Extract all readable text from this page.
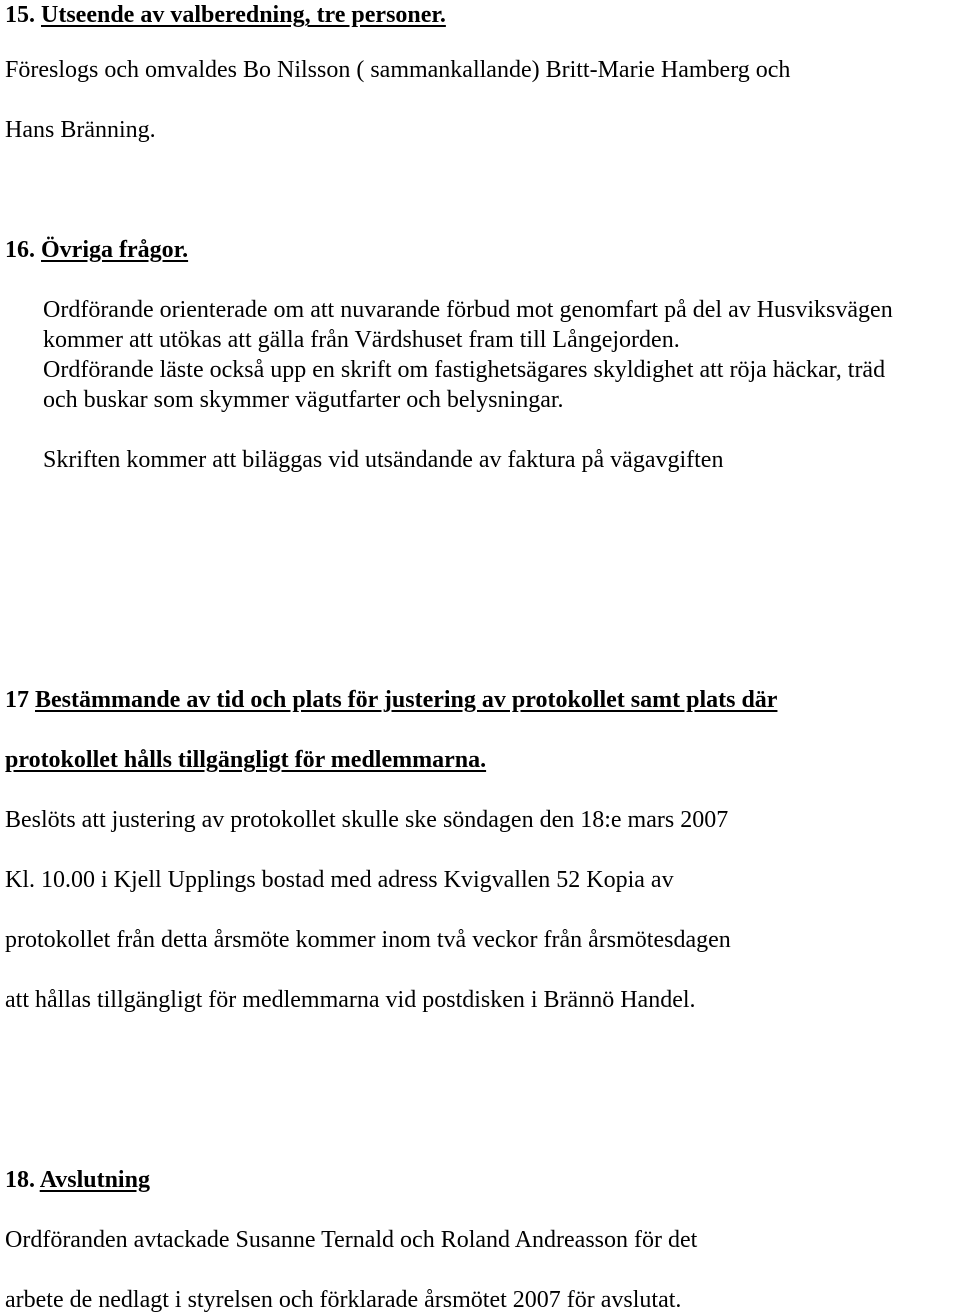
15. Utseende av valberedning, tre personer.
Föreslogs och omvaldes Bo Nilsson ( sammankallande) Britt-Marie Hamberg och
Hans Bränning.
16. Övriga frågor.
Ordförande orienterade om att nuvarande förbud mot genomfart på del av Husviksvägen
kommer att utökas att gälla från Värdshuset fram till Långejorden.
Ordförande läste också upp en skrift om fastighetsägares skyldighet att röja häckar, träd
och buskar som skymmer vägutfarter och belysningar.
Skriften kommer att biläggas vid utsändande av faktura på vägavgiften
17 Bestämmande av tid och plats för justering av protokollet samt plats där
protokollet hålls tillgängligt för medlemmarna.
Beslöts att justering av protokollet skulle ske söndagen den 18:e mars 2007
Kl. 10.00 i Kjell Upplings bostad med adress Kvigvallen 52 Kopia av
protokollet från detta årsmöte kommer inom två veckor från årsmötesdagen
att hållas tillgängligt för medlemmarna vid postdisken i Brännö Handel.
18. Avslutning
Ordföranden avtackade Susanne Ternald och Roland Andreasson för det
arbete de nedlagt i styrelsen och förklarade årsmötet 2007 för avslutat.
